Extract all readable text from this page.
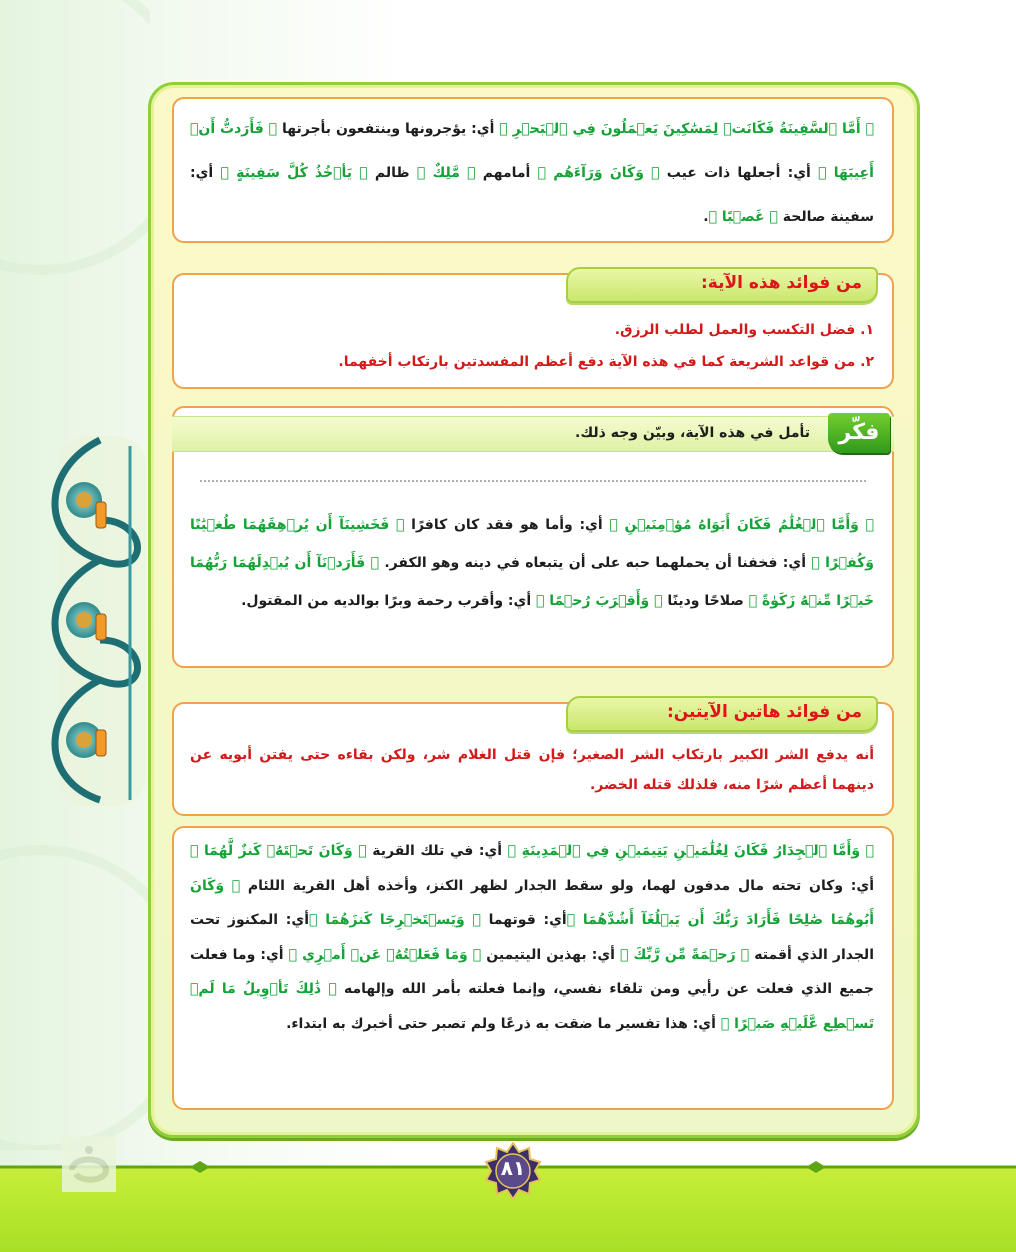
﴿ أَمَّا ٱلسَّفِينَةُ فَكَانَتۡ لِمَسَٰكِينَ يَعۡمَلُونَ فِي ٱلۡبَحۡرِ ﴾ أي: يؤجرونها وينتفعون بأجرتها ﴿ فَأَرَدتُّ أَنۡ أَعِيبَهَا ﴾ أي: أجعلها ذات عيب ﴿ وَكَانَ وَرَآءَهُم ﴾ أمامهم ﴿ مَّلِكٌ ﴾ ظالم ﴿ يَأۡخُذُ كُلَّ سَفِينَةٍ ﴾ أي: سفينة صالحة ﴿ غَصۡبًا ﴾.

من فوائد هذه الآية:

١. فضل التكسب والعمل لطلب الرزق.

٢. من قواعد الشريعة كما في هذه الآية دفع أعظم المفسدتين بارتكاب أخفهما.

فكّر

تأمل في هذه الآية، وبيّن وجه ذلك.

﴿ وَأَمَّا ٱلۡغُلَٰمُ فَكَانَ أَبَوَاهُ مُؤۡمِنَيۡنِ ﴾ أي: وأما هو فقد كان كافرًا ﴿ فَخَشِينَآ أَن يُرۡهِقَهُمَا طُغۡيَٰنًا وَكُفۡرًا ﴾ أي: فخفنا أن يحملهما حبه على أن يتبعاه في دينه وهو الكفر. ﴿ فَأَرَدۡنَآ أَن يُبۡدِلَهُمَا رَبُّهُمَا خَيۡرًا مِّنۡهُ زَكَوٰةً ﴾ صلاحًا ودينًا ﴿ وَأَقۡرَبَ رُحۡمًا ﴾ أي: وأقرب رحمة وبرًا بوالديه من المقتول.

من فوائد هاتين الآيتين:

أنه يدفع الشر الكبير بارتكاب الشر الصغير؛ فإن قتل الغلام شر، ولكن بقاءه حتى يفتن أبويه عن دينهما أعظم شرًا منه، فلذلك قتله الخضر.

﴿ وَأَمَّا ٱلۡجِدَارُ فَكَانَ لِغُلَٰمَيۡنِ يَتِيمَيۡنِ فِي ٱلۡمَدِينَةِ ﴾ أي: في تلك القرية ﴿ وَكَانَ تَحۡتَهُۥ كَنزٌ لَّهُمَا ﴾ أي: وكان تحته مال مدفون لهما، ولو سقط الجدار لظهر الكنز، وأخذه أهل القرية اللئام ﴿ وَكَانَ أَبُوهُمَا صَٰلِحًا فَأَرَادَ رَبُّكَ أَن يَبۡلُغَآ أَشُدَّهُمَا ﴾أي: قوتهما ﴿ وَيَسۡتَخۡرِجَا كَنزَهُمَا ﴾أي: المكنوز تحت الجدار الذي أقمته ﴿ رَحۡمَةً مِّن رَّبِّكَ ﴾ أي: بهذين اليتيمين ﴿ وَمَا فَعَلۡتُهُۥ عَنۡ أَمۡرِي ﴾ أي: وما فعلت جميع الذي فعلت عن رأيي ومن تلقاء نفسي، وإنما فعلته بأمر الله وإلهامه ﴿ ذَٰلِكَ تَأۡوِيلُ مَا لَمۡ تَسۡطِع عَّلَيۡهِ صَبۡرًا ﴾ أي: هذا تفسير ما ضقت به ذرعًا ولم تصبر حتى أخبرك به ابتداء.

٨١
